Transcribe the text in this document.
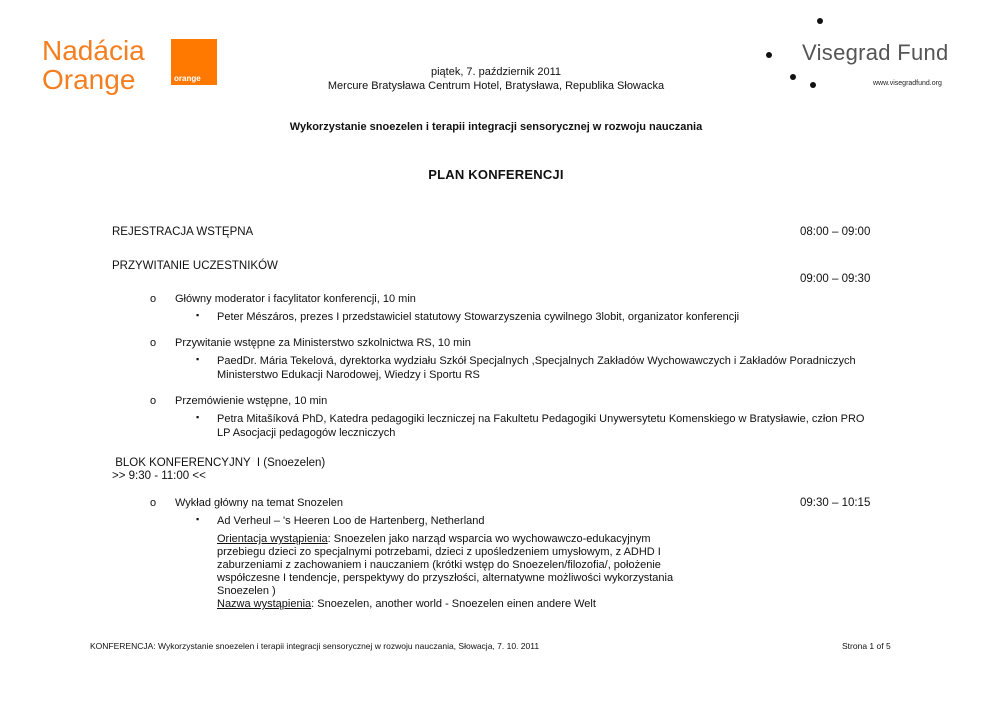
Nadácia
Orange	orange
Visegrad Fund
www.visegradfund.org
piątek, 7. październik 2011
Mercure Bratysława Centrum Hotel, Bratysława, Republika Słowacka
Wykorzystanie snoezelen i terapii integracji sensorycznej w rozwoju nauczania
PLAN KONFERENCJI
REJESTRACJA WSTĘPNA	08:00 – 09:00
PRZYWITANIE UCZESTNIKÓW
09:00 – 09:30
o Główny moderator i facylitator konferencji, 10 min
▪ Peter Mészáros, prezes I przedstawiciel statutowy Stowarzyszenia cywilnego 3lobit, organizator konferencji
o Przywitanie wstępne za Ministerstwo szkolnictwa RS, 10 min
▪ PaedDr. Mária Tekelová, dyrektorka wydziału Szkół Specjalnych ,Specjalnych Zakładów Wychowawczych i Zakładów Poradniczych
Ministerstwo Edukacji Narodowej, Wiedzy i Sportu RS
o Przemówienie wstępne, 10 min
▪ Petra Mitašíková PhD, Katedra pedagogiki leczniczej na Fakultetu Pedagogiki Unywersytetu Komenskiego w Bratysławie, człon PRO
LP Asocjacji pedagogów leczniczych
BLOK KONFERENCYJNY  I (Snoezelen)
>> 9:30 - 11:00 <<
o Wykład główny na temat Snozelen	09:30 – 10:15
▪ Ad Verheul – 's Heeren Loo de Hartenberg, Netherland
Orientacja wystąpienia: Snoezelen jako narząd wsparcia wo wychowawczo-edukacyjnym
przebiegu dzieci zo specjalnymi potrzebami, dzieci z upośledzeniem umysłowym, z ADHD I
zaburzeniami z zachowaniem i nauczaniem (krótki wstęp do Snoezelen/filozofia/, położenie
współczesne I tendencje, perspektywy do przyszłości, alternatywne możliwości wykorzystania
Snoezelen )
Nazwa wystąpienia: Snoezelen, another world - Snoezelen einen andere Welt
KONFERENCJA: Wykorzystanie snoezelen i terapii integracji sensorycznej w rozwoju nauczania, Słowacja, 7. 10. 2011	Strona 1 of 5
